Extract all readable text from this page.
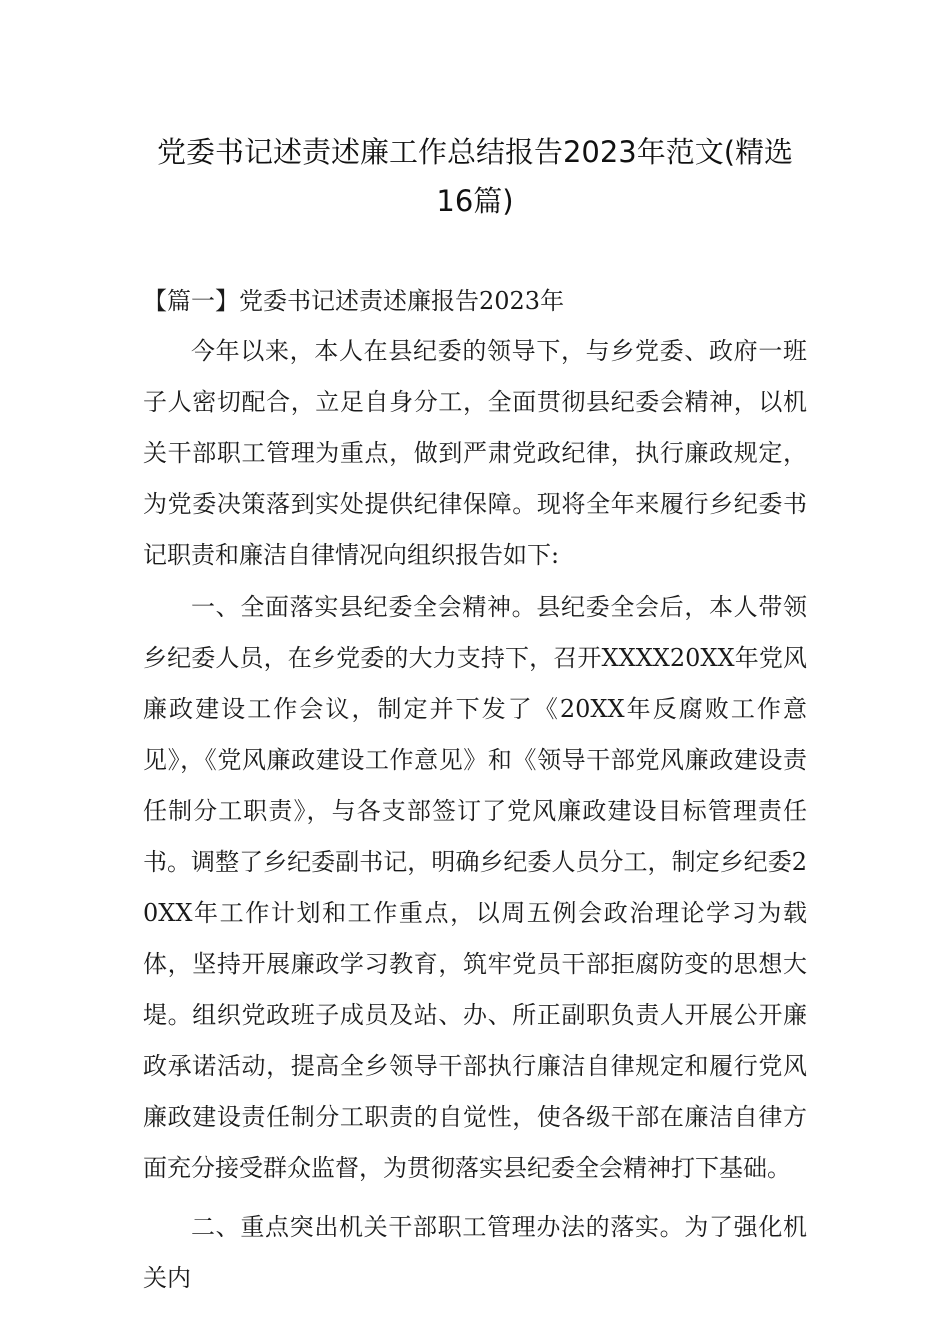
党委书记述责述廉工作总结报告2023年范文(精选16篇)

【篇一】党委书记述责述廉报告2023年

今年以来，本人在县纪委的领导下，与乡党委、政府一班子人密切配合，立足自身分工，全面贯彻县纪委会精神，以机关干部职工管理为重点，做到严肃党政纪律，执行廉政规定，为党委决策落到实处提供纪律保障。现将全年来履行乡纪委书记职责和廉洁自律情况向组织报告如下:

一、全面落实县纪委全会精神。县纪委全会后，本人带领乡纪委人员，在乡党委的大力支持下，召开XXXX20XX年党风廉政建设工作会议，制定并下发了《20XX年反腐败工作意见》，《党风廉政建设工作意见》和《领导干部党风廉政建设责任制分工职责》，与各支部签订了党风廉政建设目标管理责任书。调整了乡纪委副书记，明确乡纪委人员分工，制定乡纪委20XX年工作计划和工作重点，以周五例会政治理论学习为载体，坚持开展廉政学习教育，筑牢党员干部拒腐防变的思想大堤。组织党政班子成员及站、办、所正副职负责人开展公开廉政承诺活动，提高全乡领导干部执行廉洁自律规定和履行党风廉政建设责任制分工职责的自觉性，使各级干部在廉洁自律方面充分接受群众监督，为贯彻落实县纪委全会精神打下基础。

二、重点突出机关干部职工管理办法的落实。为了强化机关内
